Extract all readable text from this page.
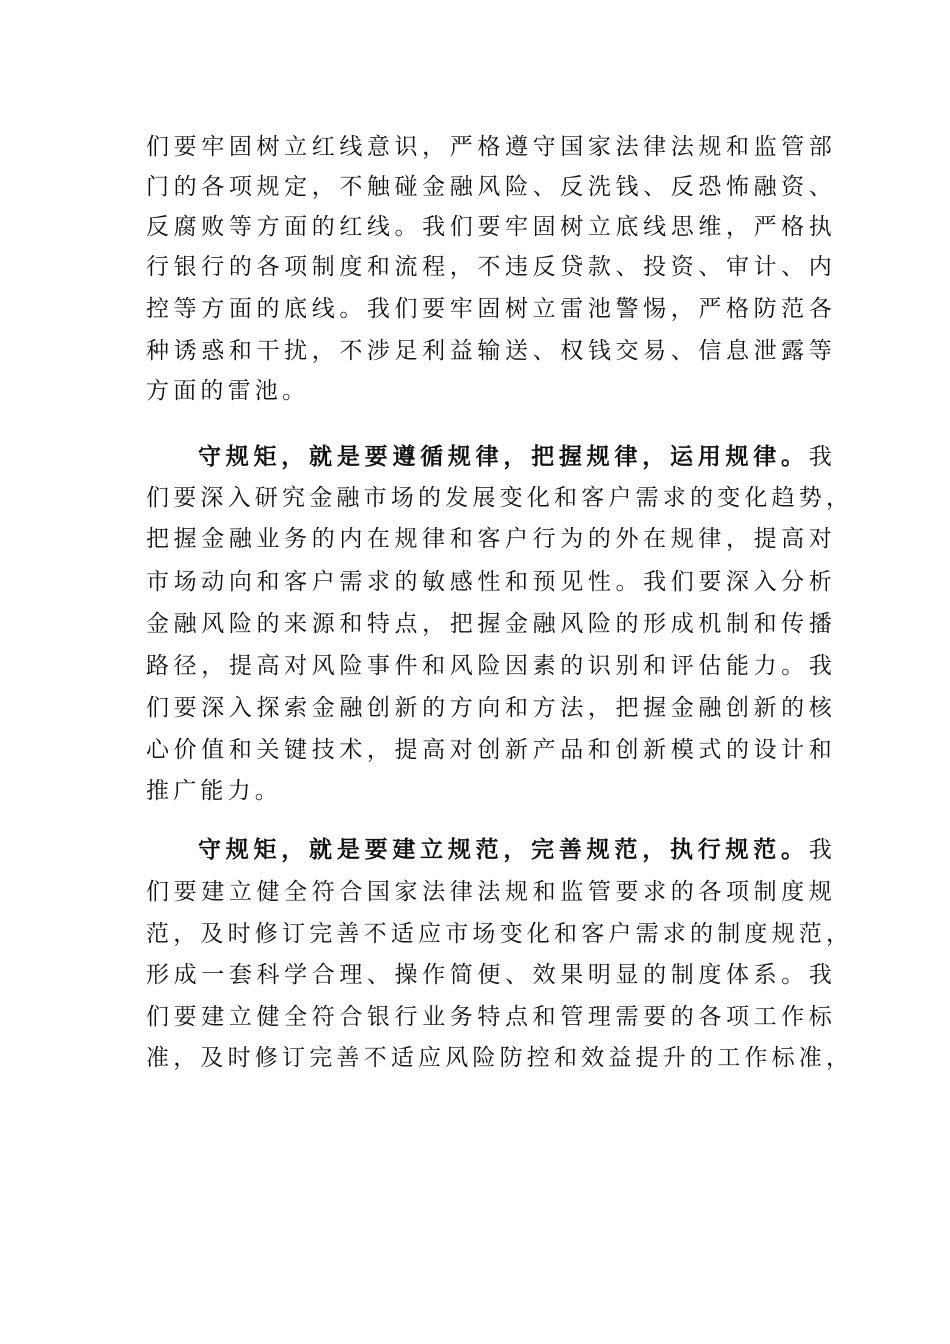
们要牢固树立红线意识，严格遵守国家法律法规和监管部
门的各项规定，不触碰金融风险、反洗钱、反恐怖融资、
反腐败等方面的红线。我们要牢固树立底线思维，严格执
行银行的各项制度和流程，不违反贷款、投资、审计、内
控等方面的底线。我们要牢固树立雷池警惕，严格防范各
种诱惑和干扰，不涉足利益输送、权钱交易、信息泄露等
方面的雷池。
守规矩，就是要遵循规律，把握规律，运用规律。我
们要深入研究金融市场的发展变化和客户需求的变化趋势，
把握金融业务的内在规律和客户行为的外在规律，提高对
市场动向和客户需求的敏感性和预见性。我们要深入分析
金融风险的来源和特点，把握金融风险的形成机制和传播
路径，提高对风险事件和风险因素的识别和评估能力。我
们要深入探索金融创新的方向和方法，把握金融创新的核
心价值和关键技术，提高对创新产品和创新模式的设计和
推广能力。
守规矩，就是要建立规范，完善规范，执行规范。我
们要建立健全符合国家法律法规和监管要求的各项制度规
范，及时修订完善不适应市场变化和客户需求的制度规范，
形成一套科学合理、操作简便、效果明显的制度体系。我
们要建立健全符合银行业务特点和管理需要的各项工作标
准，及时修订完善不适应风险防控和效益提升的工作标准，
